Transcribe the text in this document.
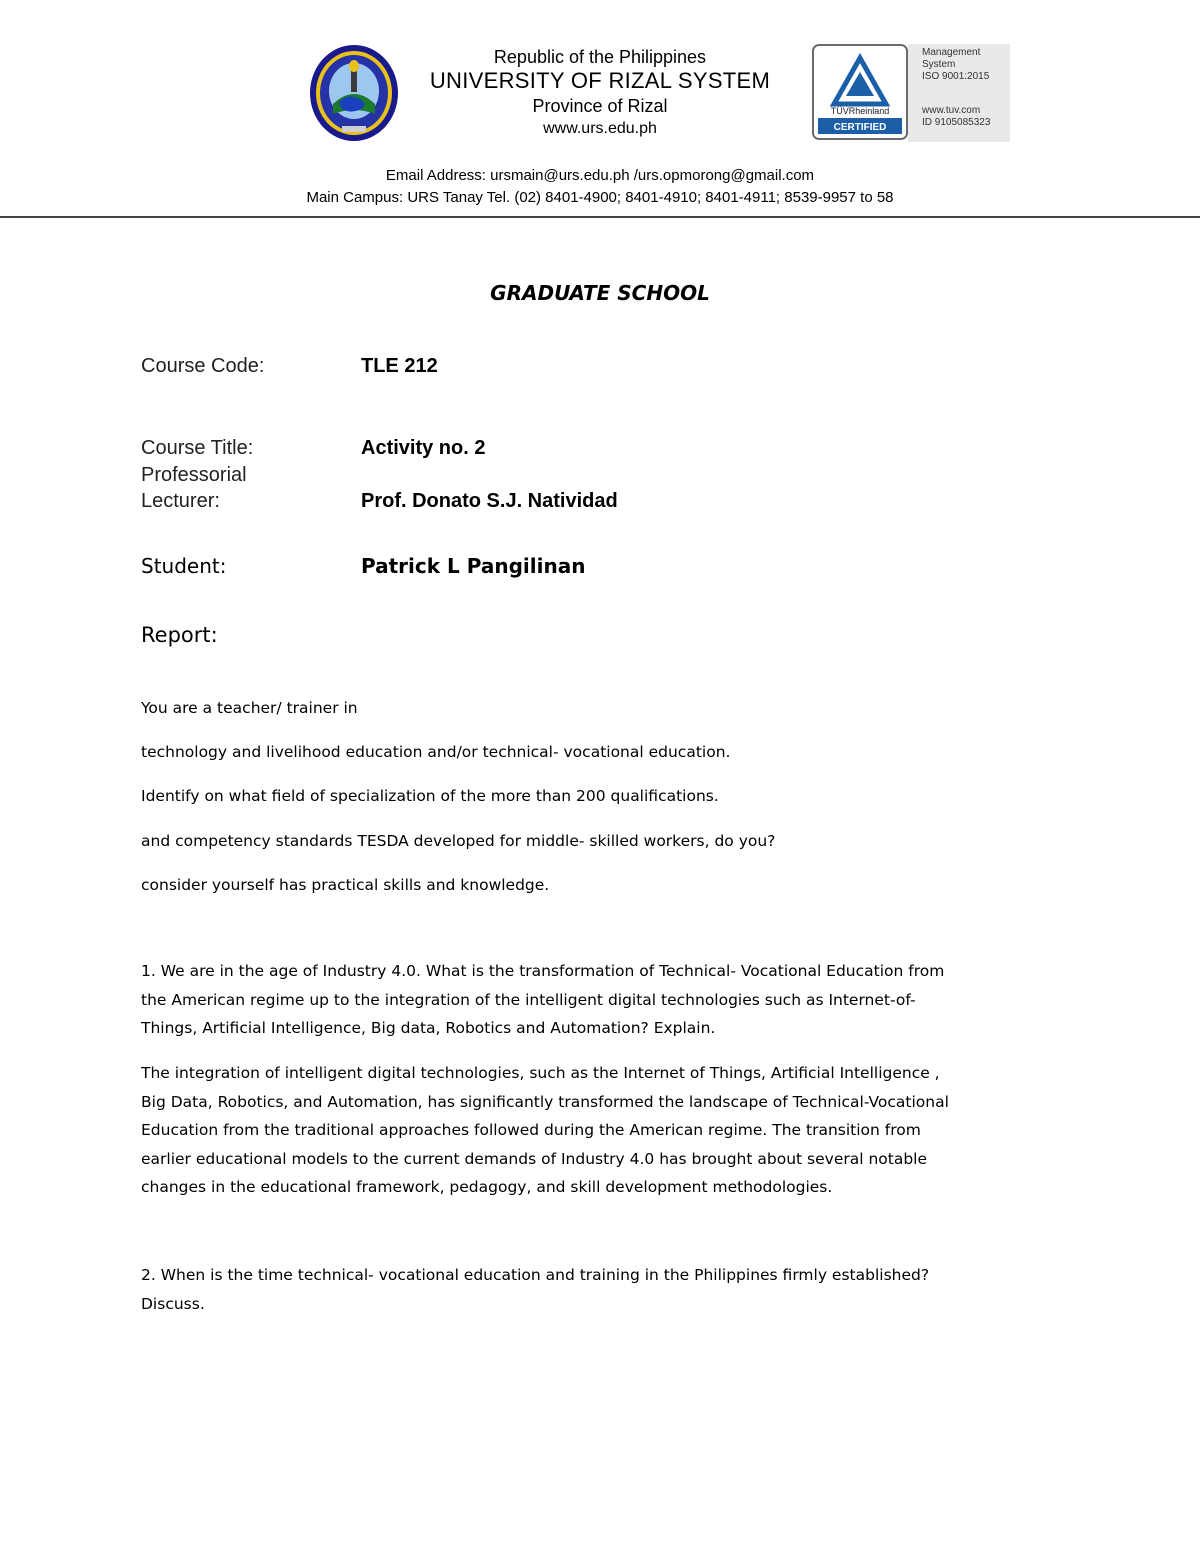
Republic of the Philippines
UNIVERSITY OF RIZAL SYSTEM
Province of Rizal
www.urs.edu.ph
TÜVRheinland
CERTIFIED
Management
System
ISO 9001:2015
www.tuv.com
ID 9105085323
Email Address: ursmain@urs.edu.ph /urs.opmorong@gmail.com
Main Campus: URS Tanay Tel. (02) 8401-4900; 8401-4910; 8401-4911; 8539-9957 to 58
GRADUATE SCHOOL
Course Code:	TLE 212
Course Title:	Activity no. 2
Professorial
Lecturer:	Prof. Donato S.J. Natividad
Student:	Patrick L Pangilinan
Report:
You are a teacher/ trainer in
technology and livelihood education and/or technical- vocational education.
Identify on what field of specialization of the more than 200 qualifications.
and competency standards TESDA developed for middle- skilled workers, do you?
consider yourself has practical skills and knowledge.
1. We are in the age of Industry 4.0. What is the transformation of Technical- Vocational Education from
the American regime up to the integration of the intelligent digital technologies such as Internet-of-
Things, Artificial Intelligence, Big data, Robotics and Automation? Explain.
The integration of intelligent digital technologies, such as the Internet of Things, Artificial Intelligence ,
Big Data, Robotics, and Automation, has significantly transformed the landscape of Technical-Vocational
Education from the traditional approaches followed during the American regime. The transition from
earlier educational models to the current demands of Industry 4.0 has brought about several notable
changes in the educational framework, pedagogy, and skill development methodologies.
2. When is the time technical- vocational education and training in the Philippines firmly established?
Discuss.
